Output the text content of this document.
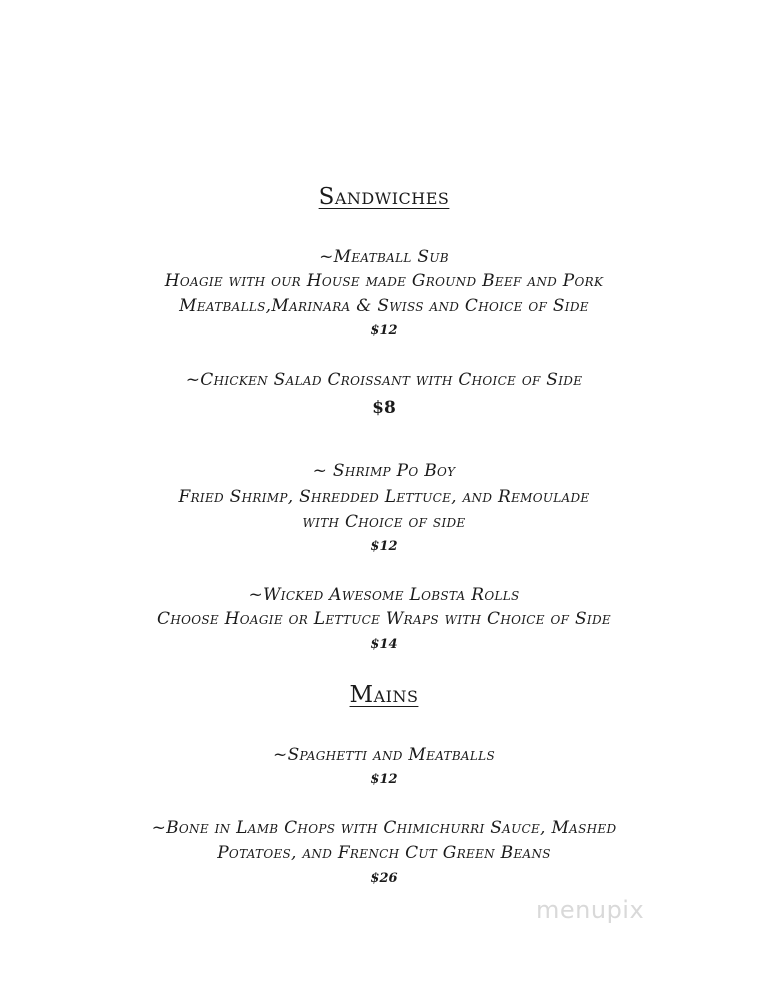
Sandwiches
~Meatball Sub
Hoagie with our House made Ground Beef and Pork
Meatballs,Marinara & Swiss and Choice of Side
$12
~Chicken Salad Croissant with Choice of Side
$8
~ Shrimp Po Boy
Fried Shrimp, Shredded Lettuce, and Remoulade
with Choice of side
$12
~Wicked Awesome Lobsta Rolls
Choose Hoagie or Lettuce Wraps with Choice of Side
$14
Mains
~Spaghetti and Meatballs
$12
~Bone in Lamb Chops with Chimichurri Sauce, Mashed
Potatoes, and French Cut Green Beans
$26
menupix
